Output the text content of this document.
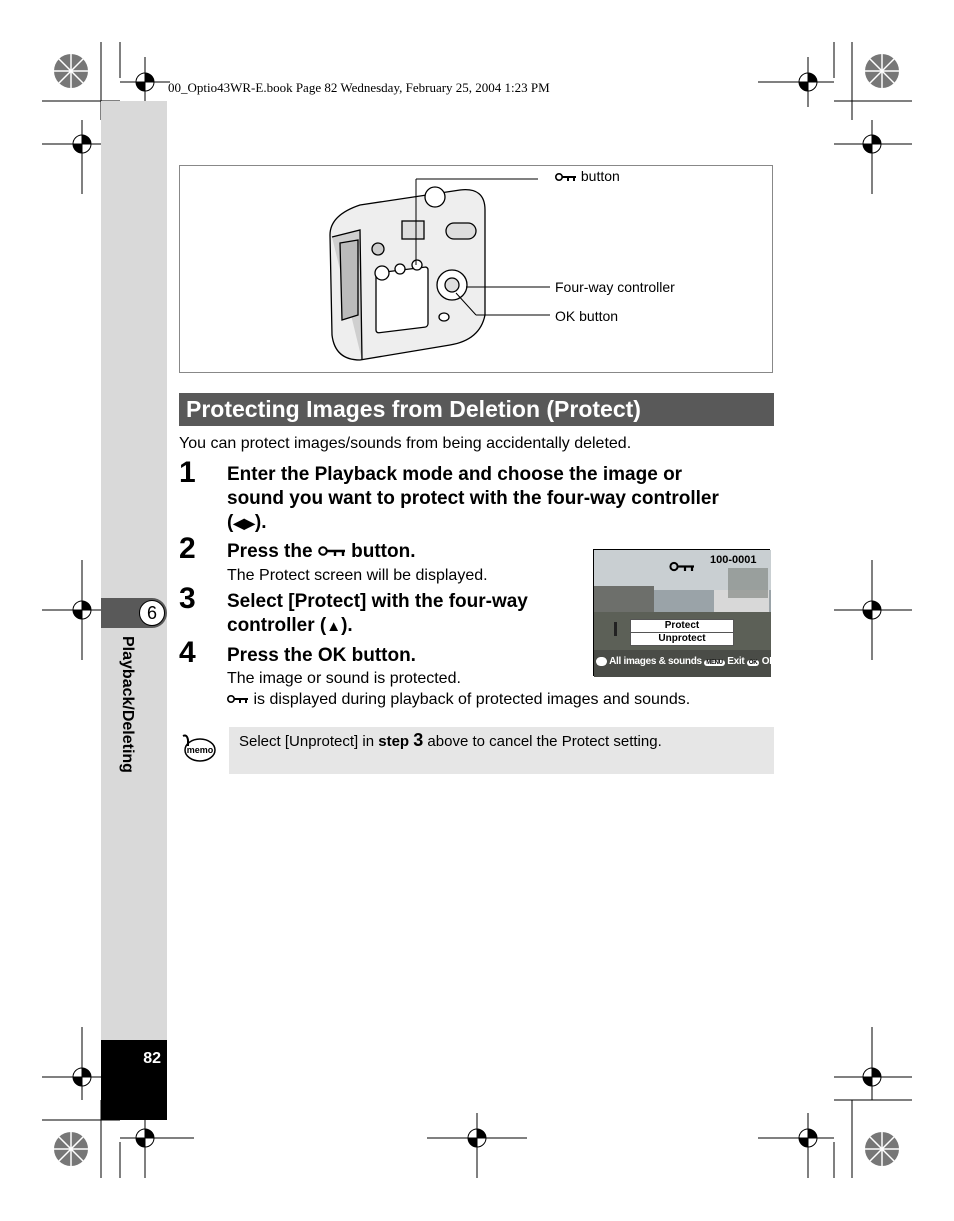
00_Optio43WR-E.book Page 82 Wednesday, February 25, 2004 1:23 PM
6
Playback/Deleting
82
button
Four-way controller
OK button
Protecting Images from Deletion (Protect)
You can protect images/sounds from being accidentally deleted.
1 Enter the Playback mode and choose the image or
sound you want to protect with the four-way controller
(◀▶).
2 Press the button.
The Protect screen will be displayed.
3 Select [Protect] with the four-way
controller (▲).
4 Press the OK button.
The image or sound is protected.
is displayed during playback of protected images and sounds.
100-0001
Protect
Unprotect
All images & sounds MENU Exit OK OK
memo Select [Unprotect] in step 3 above to cancel the Protect setting.
